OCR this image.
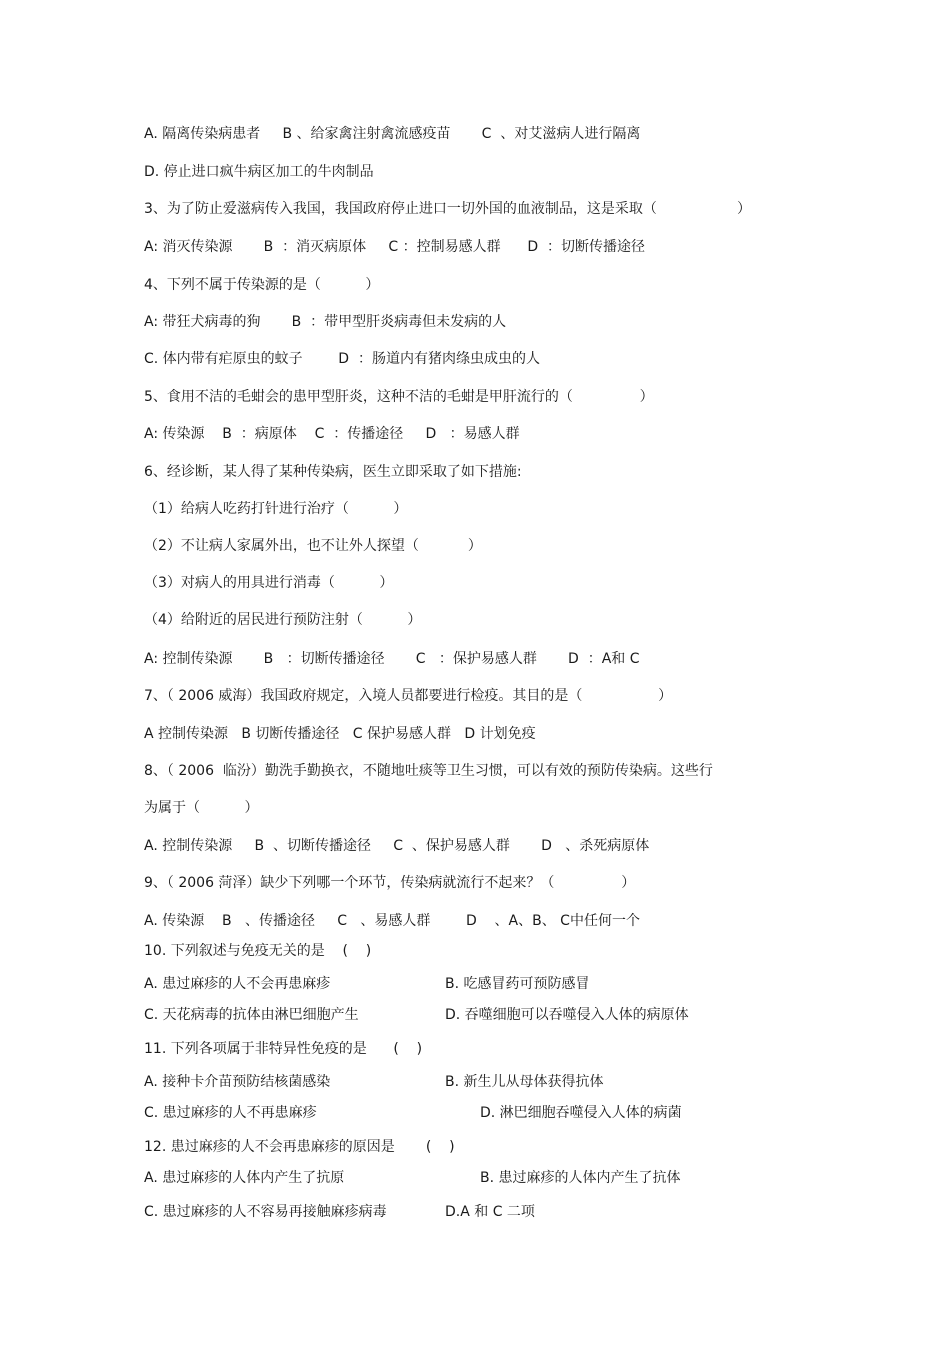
A. 隔离传染病患者     B 、给家禽注射禽流感疫苗       C  、对艾滋病人进行隔离
D. 停止进口疯牛病区加工的牛肉制品
3、为了防止爱滋病传入我国，我国政府停止进口一切外国的血液制品，这是采取（                  ）
A: 消灭传染源       B  ：消灭病原体     C ：控制易感人群      D  ：切断传播途径
4、下列不属于传染源的是（          ）
A: 带狂犬病毒的狗       B  ：带甲型肝炎病毒但未发病的人
C. 体内带有疟原虫的蚊子        D  ：肠道内有猪肉绦虫成虫的人
5、食用不洁的毛蚶会的患甲型肝炎，这种不洁的毛蚶是甲肝流行的（               ）
A: 传染源    B  ：病原体    C  ：传播途径     D   ：易感人群
6、经诊断，某人得了某种传染病，医生立即采取了如下措施:
（1）给病人吃药打针进行治疗（          ）
（2）不让病人家属外出，也不让外人探望（           ）
（3）对病人的用具进行消毒（          ）
（4）给附近的居民进行预防注射（          ）
A: 控制传染源       B   ：切断传播途径       C   ：保护易感人群       D  ：A和 C
7、（ 2006 威海）我国政府规定，入境人员都要进行检疫。其目的是（                 ）
A 控制传染源   B 切断传播途径   C 保护易感人群   D 计划免疫
8、（ 2006  临汾）勤洗手勤换衣，不随地吐痰等卫生习惯，可以有效的预防传染病。这些行
为属于（          ）
A. 控制传染源     B  、切断传播途径     C  、保护易感人群       D   、杀死病原体
9、（ 2006 菏泽）缺少下列哪一个环节，传染病就流行不起来？（               ）
A. 传染源    B   、传播途径     C   、易感人群        D    、A、B、 C中任何一个
10. 下列叙述与免疫无关的是    (    )
A. 患过麻疹的人不会再患麻疹	B. 吃感冒药可预防感冒
C. 天花病毒的抗体由淋巴细胞产生	D. 吞噬细胞可以吞噬侵入人体的病原体
11. 下列各项属于非特异性免疫的是      (    )
A. 接种卡介苗预防结核菌感染	B. 新生儿从母体获得抗体
C. 患过麻疹的人不再患麻疹	D. 淋巴细胞吞噬侵入人体的病菌
12. 患过麻疹的人不会再患麻疹的原因是       (    )
A. 患过麻疹的人体内产生了抗原	B. 患过麻疹的人体内产生了抗体
C. 患过麻疹的人不容易再接触麻疹病毒	D.A 和 C 二项
